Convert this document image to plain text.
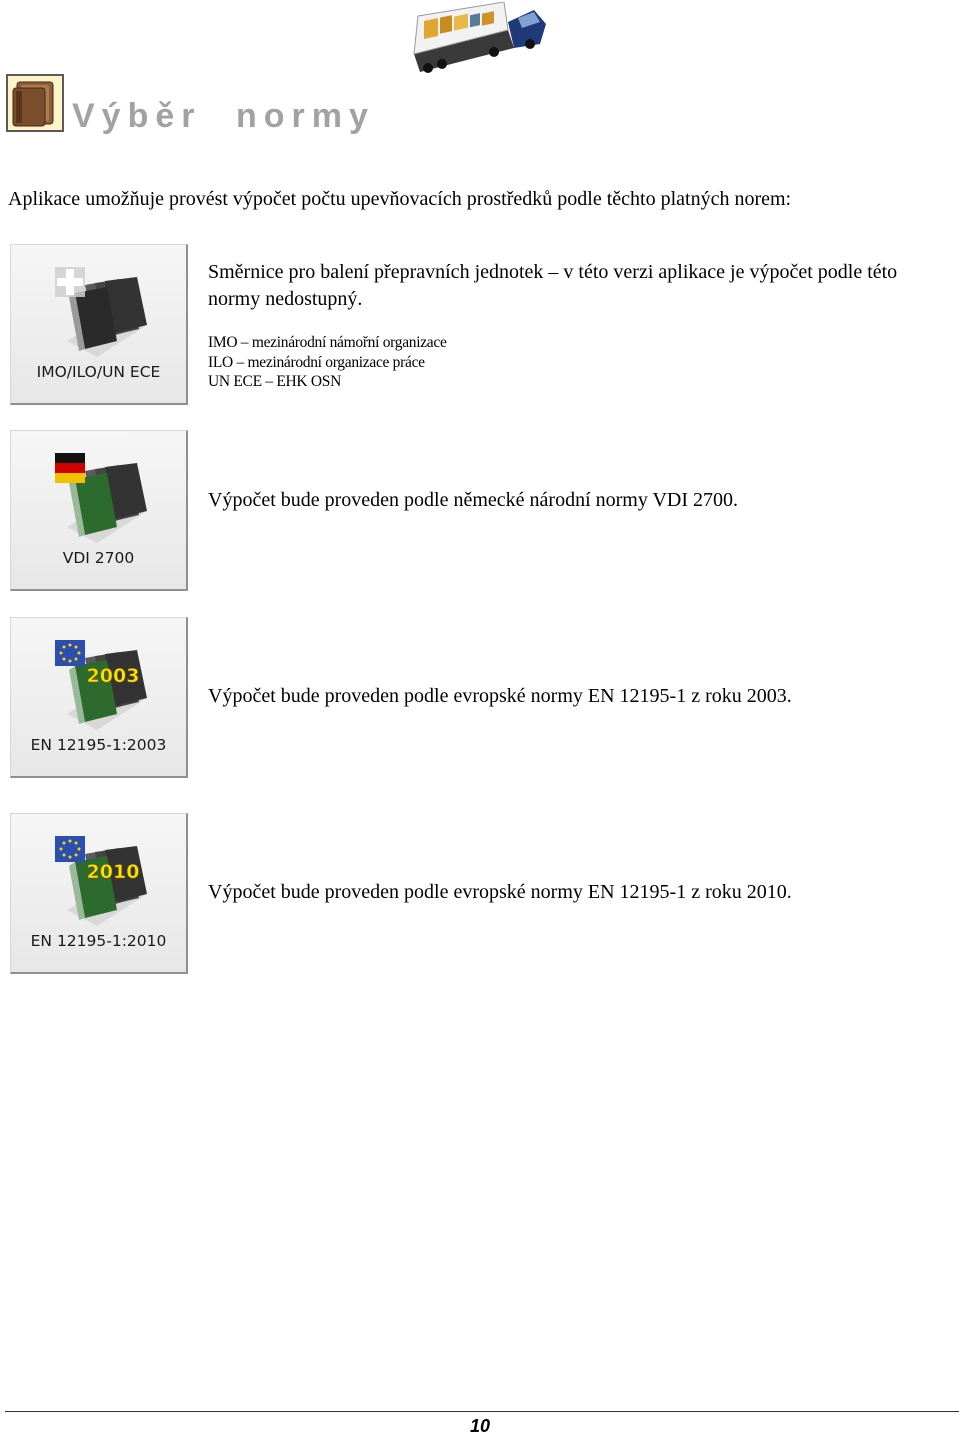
Výběr normy
Aplikace umožňuje provést výpočet počtu upevňovacích prostředků podle těchto platných norem:
IMO/ILO/UN ECE
Směrnice pro balení přepravních jednotek – v této verzi aplikace je výpočet podle této normy nedostupný.
IMO – mezinárodní námořní organizace
ILO – mezinárodní organizace práce
UN ECE – EHK OSN
VDI 2700
Výpočet bude proveden podle německé národní normy VDI 2700.
2003
EN 12195-1:2003
Výpočet bude proveden podle evropské normy EN 12195-1 z roku 2003.
2010
EN 12195-1:2010
Výpočet bude proveden podle evropské normy EN 12195-1 z roku 2010.
10
